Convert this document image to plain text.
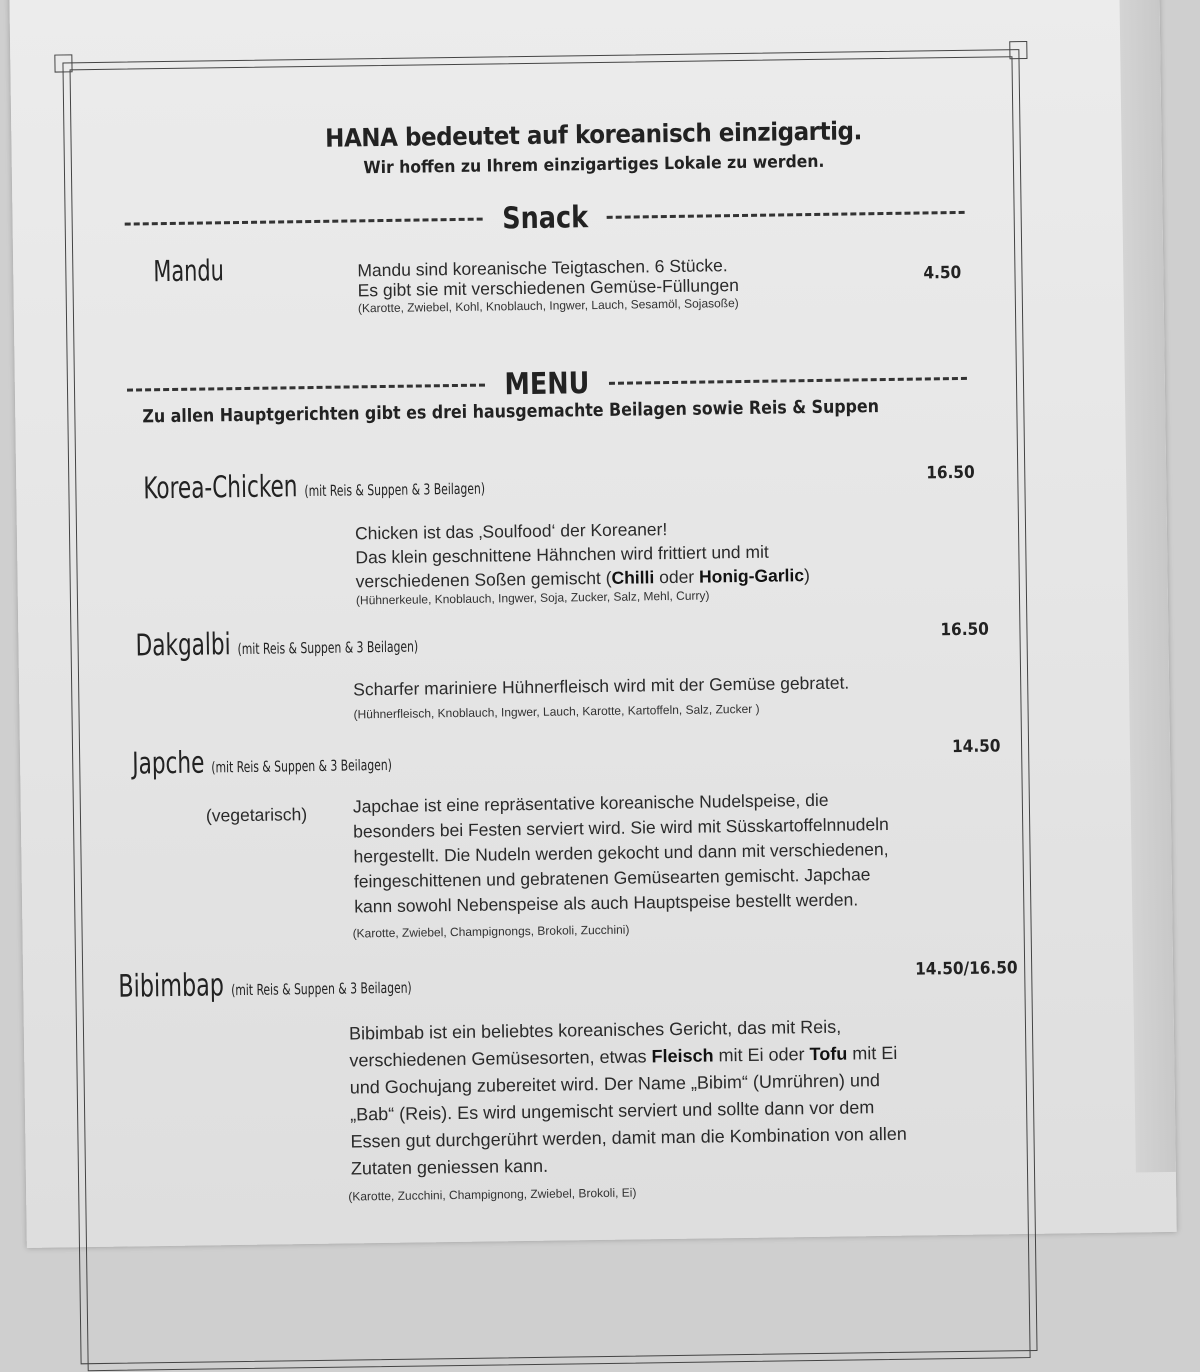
HANA bedeutet auf koreanisch einzigartig.
Wir hoffen zu Ihrem einzigartiges Lokale zu werden.
Snack
Mandu	Mandu sind koreanische Teigtaschen. 6 Stücke.
Es gibt sie mit verschiedenen Gemüse-Füllungen
(Karotte, Zwiebel, Kohl, Knoblauch, Ingwer, Lauch, Sesamöl, Sojasoße)
4.50
MENU
Zu allen Hauptgerichten gibt es drei hausgemachte Beilagen sowie Reis & Suppen
Korea-Chicken (mit Reis & Suppen & 3 Beilagen)
16.50
Chicken ist das ‚Soulfood‘ der Koreaner!
Das klein geschnittene Hähnchen wird frittiert und mit
verschiedenen Soßen gemischt (Chilli oder Honig-Garlic)
(Hühnerkeule, Knoblauch, Ingwer, Soja, Zucker, Salz, Mehl, Curry)
Dakgalbi (mit Reis & Suppen & 3 Beilagen)
16.50
Scharfer mariniere Hühnerfleisch wird mit der Gemüse gebratet.
(Hühnerfleisch, Knoblauch, Ingwer, Lauch, Karotte, Kartoffeln, Salz, Zucker )
Japche (mit Reis & Suppen & 3 Beilagen)
14.50
(vegetarisch)	Japchae ist eine repräsentative koreanische Nudelspeise, die
besonders bei Festen serviert wird. Sie wird mit Süsskartoffelnnudeln
hergestellt. Die Nudeln werden gekocht und dann mit verschiedenen,
feingeschittenen und gebratenen Gemüsearten gemischt. Japchae
kann sowohl Nebenspeise als auch Hauptspeise bestellt werden.
(Karotte, Zwiebel, Champignongs, Brokoli, Zucchini)
Bibimbap (mit Reis & Suppen & 3 Beilagen)
14.50/16.50
Bibimbab ist ein beliebtes koreanisches Gericht, das mit Reis,
verschiedenen Gemüsesorten, etwas Fleisch mit Ei oder Tofu mit Ei
und Gochujang zubereitet wird. Der Name „Bibim“ (Umrühren) und
„Bab“ (Reis). Es wird ungemischt serviert und sollte dann vor dem
Essen gut durchgerührt werden, damit man die Kombination von allen
Zutaten geniessen kann.
(Karotte, Zucchini, Champignong, Zwiebel, Brokoli, Ei)
